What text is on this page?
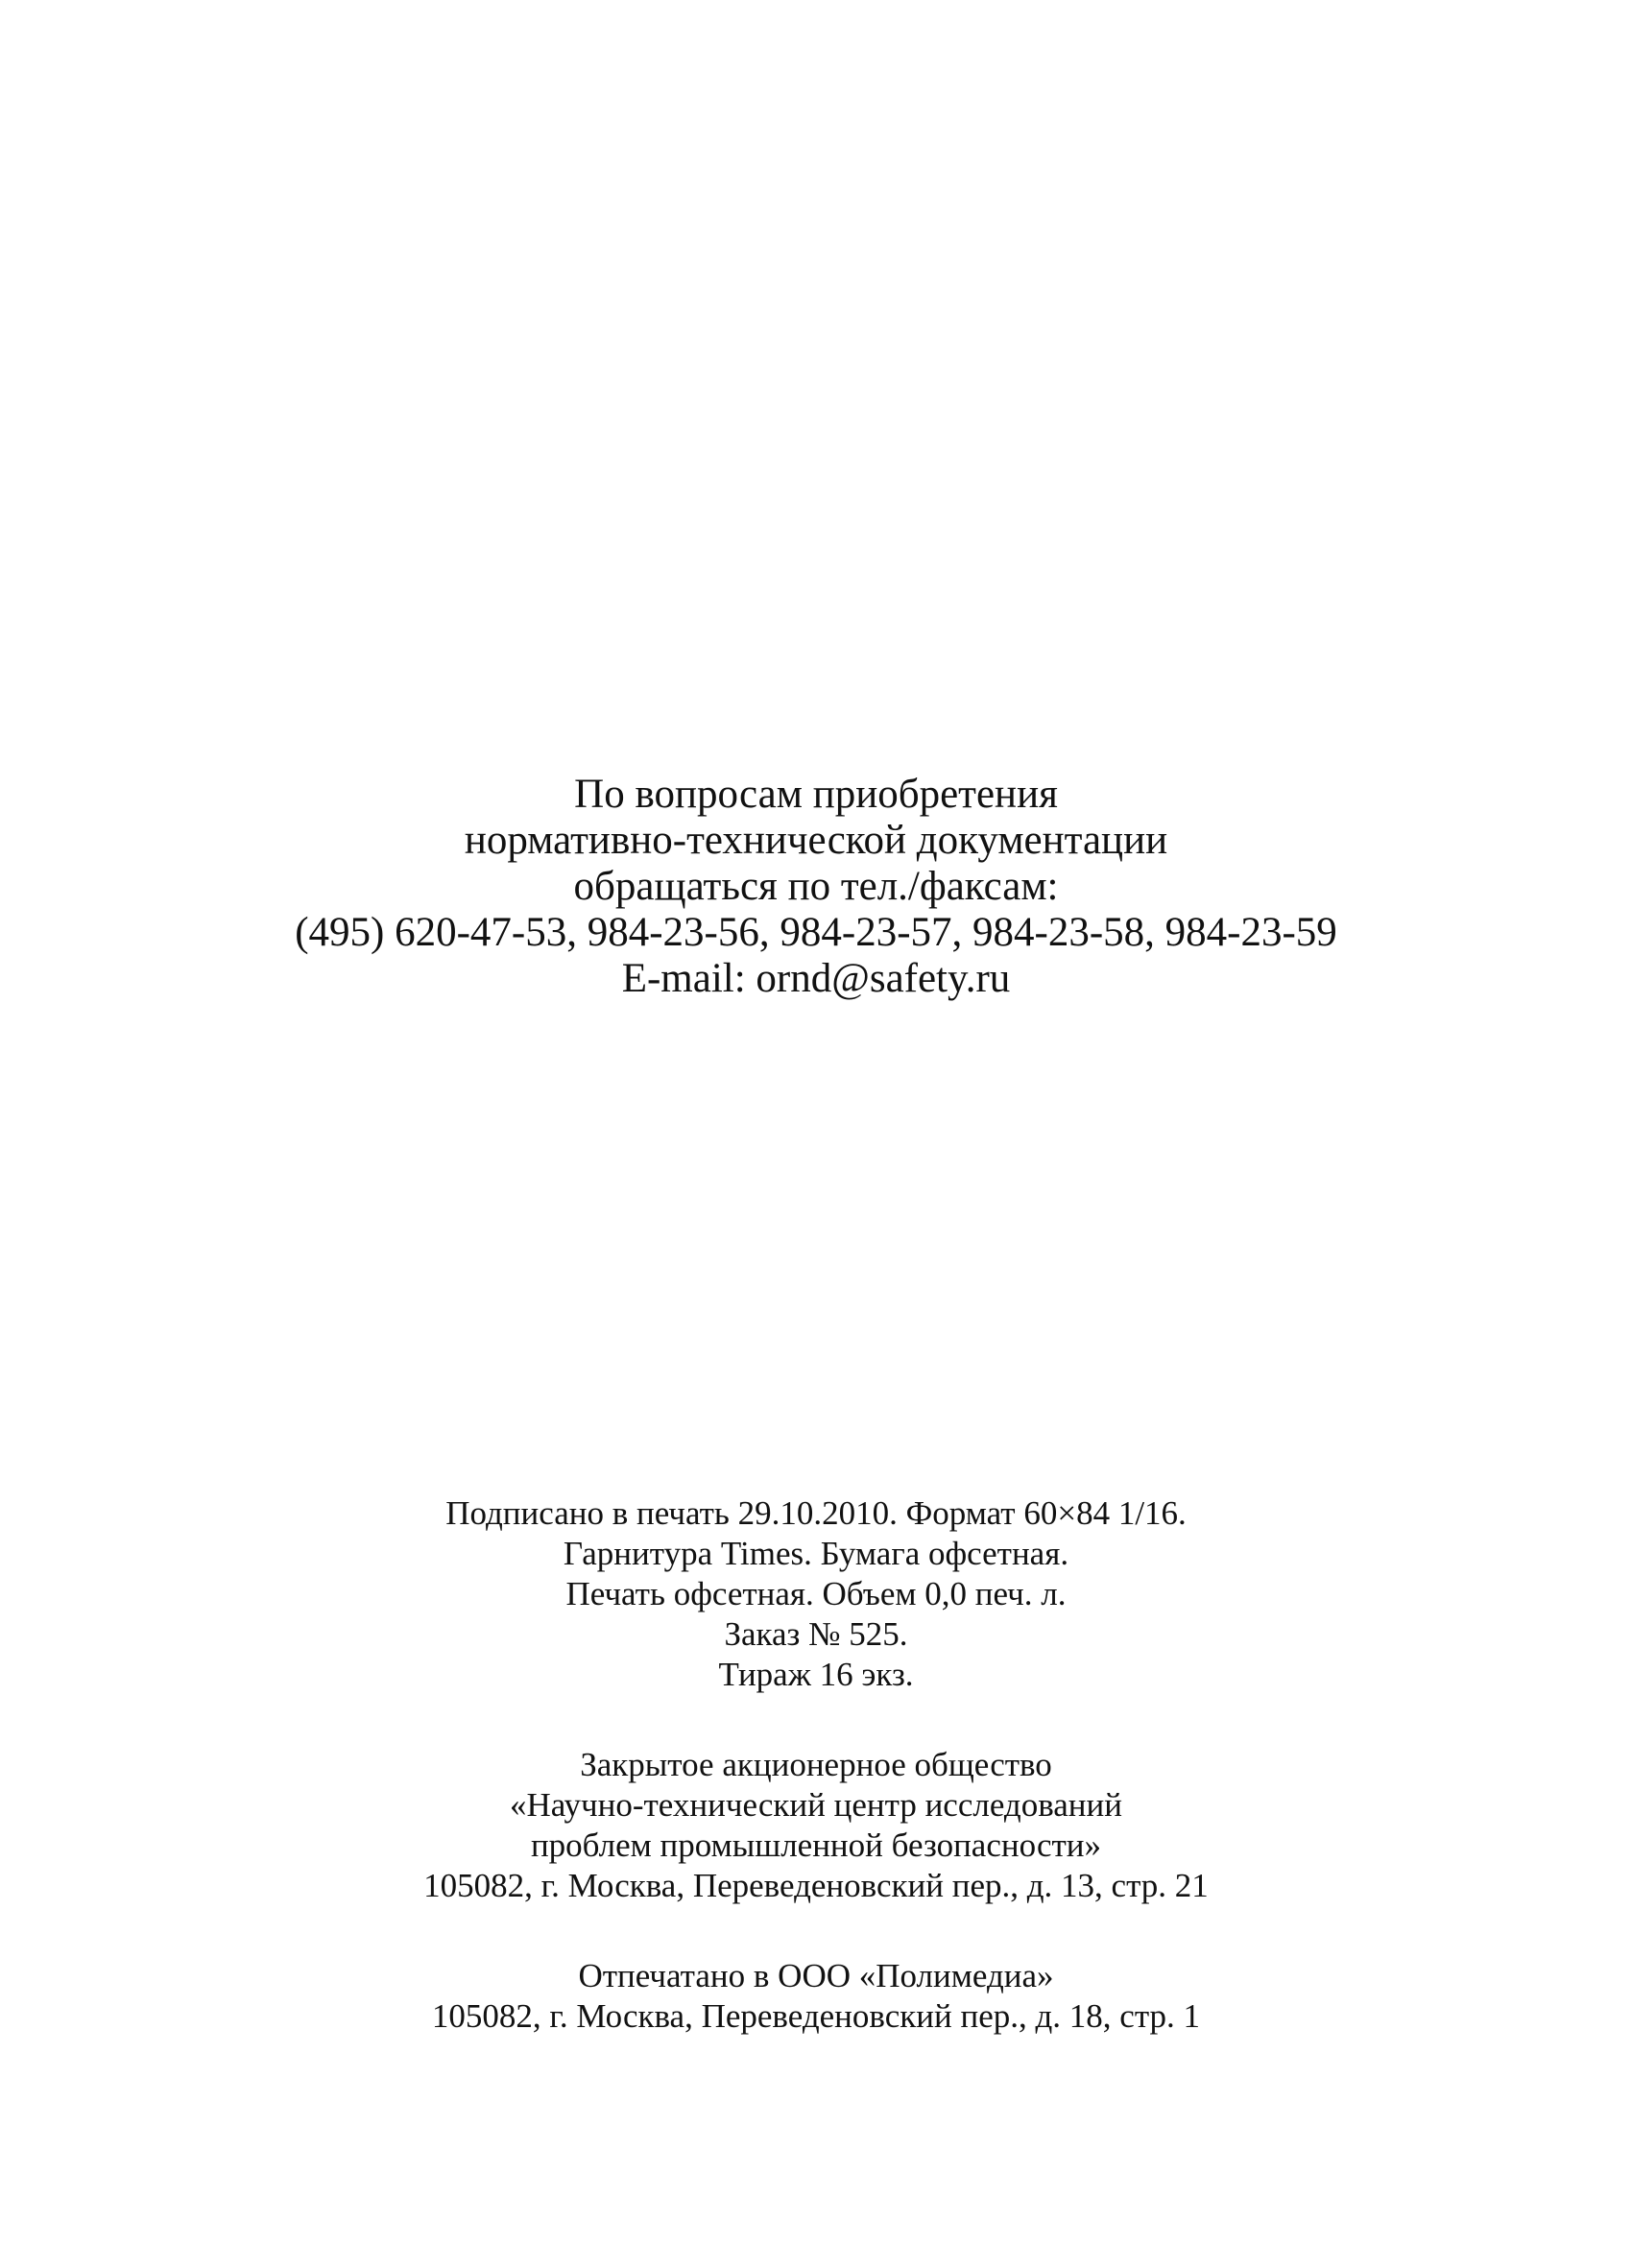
По вопросам приобретения
нормативно-технической документации
обращаться по тел./факсам:
(495) 620-47-53, 984-23-56, 984-23-57, 984-23-58, 984-23-59
E-mail: ornd@safety.ru
Подписано в печать 29.10.2010. Формат 60×84 1/16.
Гарнитура Times. Бумага офсетная.
Печать офсетная. Объем 0,0 печ. л.
Заказ № 525.
Тираж 16 экз.
Закрытое акционерное общество
«Научно-технический центр исследований
проблем промышленной безопасности»
105082, г. Москва, Переведеновский пер., д. 13, стр. 21
Отпечатано в ООО «Полимедиа»
105082, г. Москва, Переведеновский пер., д. 18, стр. 1
